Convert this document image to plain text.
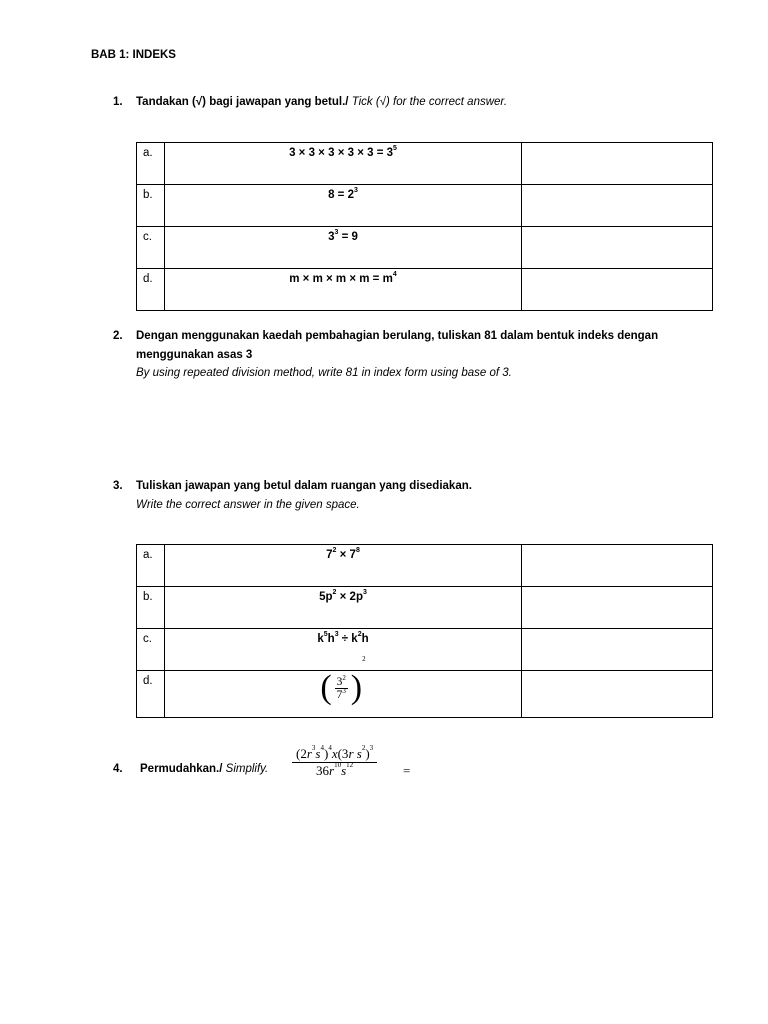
BAB 1: INDEKS
1. Tandakan (√) bagi jawapan yang betul./ Tick (√) for the correct answer.
a.	$3 \times 3 \times 3 \times 3 \times 3 = 3^5$	
b.	$8 = 2^3$	
c.	$3^3 = 9$	
d.	$m \times m \times m \times m = m^4$	
2. Dengan menggunakan kaedah pembahagian berulang, tuliskan 81 dalam bentuk indeks dengan
menggunakan asas 3
By using repeated division method, write 81 in index form using base of 3.
3. Tuliskan jawapan yang betul dalam ruangan yang disediakan.
Write the correct answer in the given space.
a.	$7^2 \times 7^8$	
b.	$5p^2 \times 2p^3$	
c.	$k^5h^3 \div k^2h$	
d.	( $\frac{3^2}{7^3} )^2$	
4. Permudahkan./ Simplify. $\frac{(2r^3s^4)^4x(3r s^2)^3}{36r^{10}s^{12}}$ =
